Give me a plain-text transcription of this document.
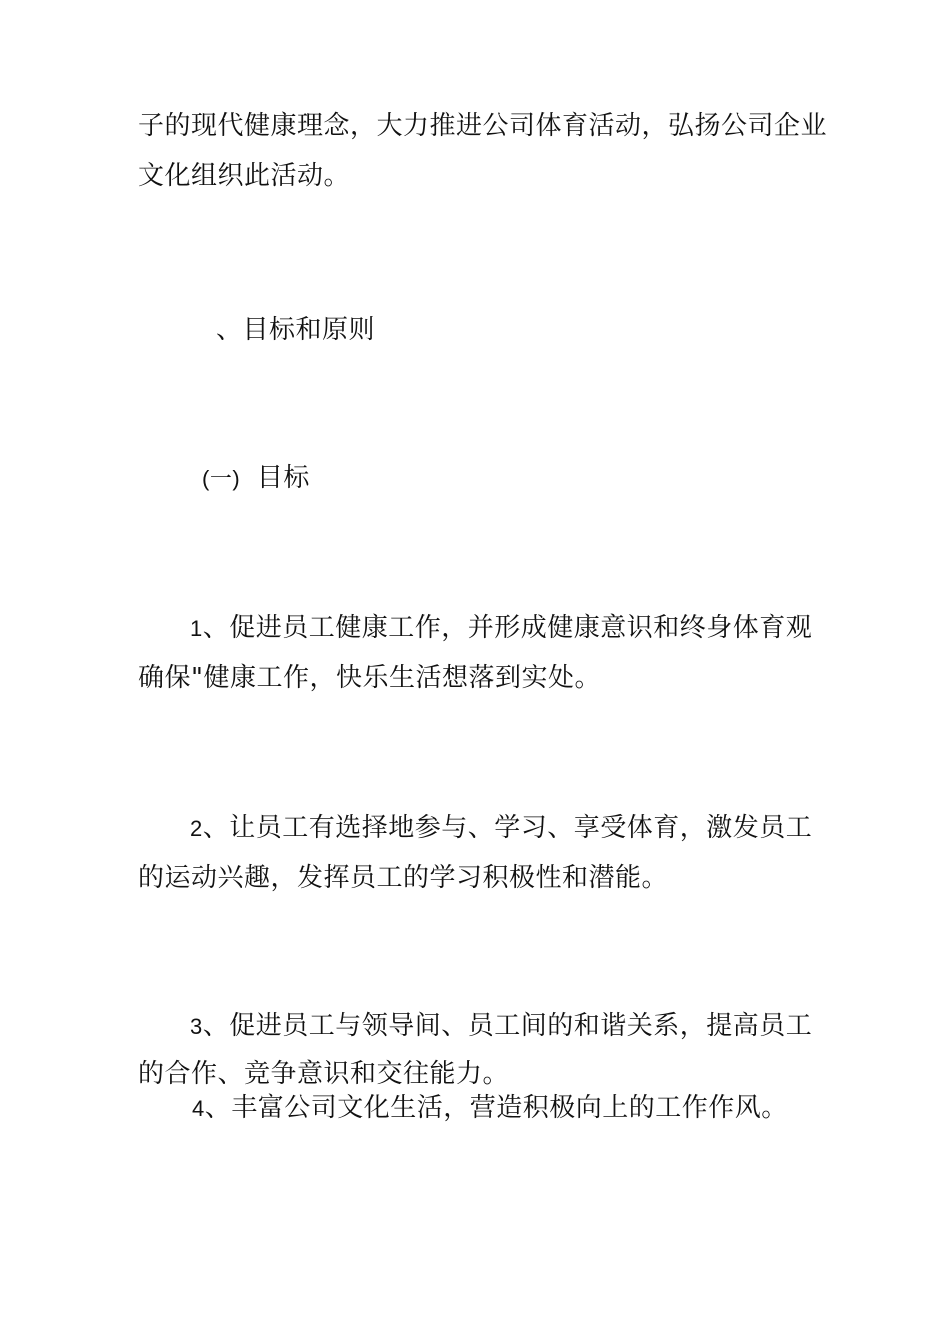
子的现代健康理念，大力推进公司体育活动，弘扬公司企业
文化组织此活动。
、目标和原则
(一) 目标
1、促进员工健康工作，并形成健康意识和终身体育观
确保"健康工作，快乐生活想落到实处。
2、让员工有选择地参与、学习、享受体育，激发员工
的运动兴趣，发挥员工的学习积极性和潜能。
3、促进员工与领导间、员工间的和谐关系，提高员工
的合作、竞争意识和交往能力。
4、丰富公司文化生活，营造积极向上的工作作风。
